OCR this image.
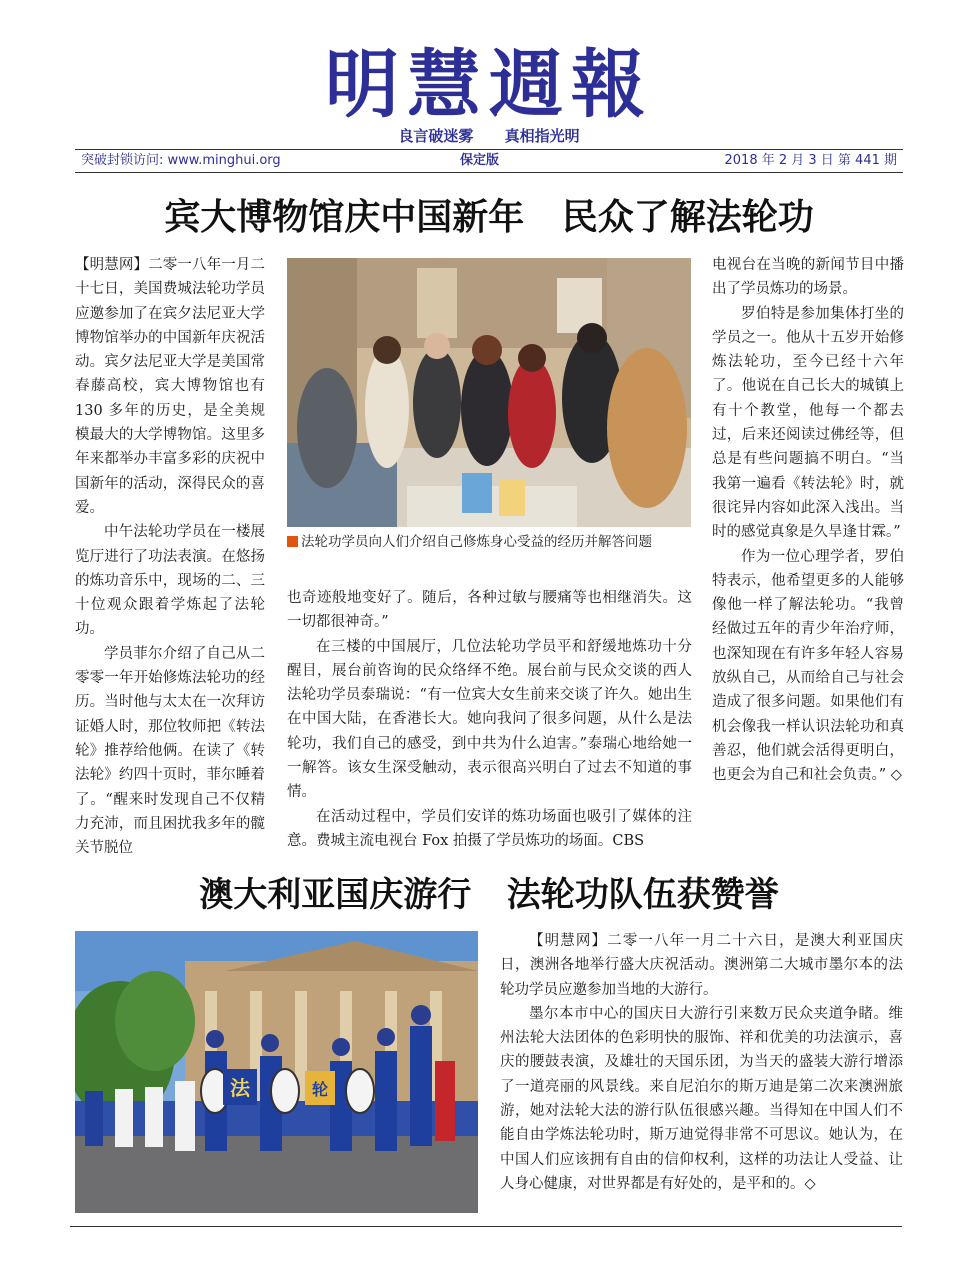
明慧週報
良言破迷雾      真相指光明
突破封锁访问: www.minghui.org	保定版	2018 年 2 月 3 日 第 441 期
宾大博物馆庆中国新年   民众了解法轮功

【明慧网】二零一八年一月二十七日，美国费城法轮功学员应邀参加了在宾夕法尼亚大学博物馆举办的中国新年庆祝活动。宾夕法尼亚大学是美国常春藤高校，宾大博物馆也有 130 多年的历史，是全美规模最大的大学博物馆。这里多年来都举办丰富多彩的庆祝中国新年的活动，深得民众的喜爱。

中午法轮功学员在一楼展览厅进行了功法表演。在悠扬的炼功音乐中，现场的二、三十位观众跟着学炼起了法轮功。

学员菲尔介绍了自己从二零零一年开始修炼法轮功的经历。当时他与太太在一次拜访证婚人时，那位牧师把《转法轮》推荐给他俩。在读了《转法轮》约四十页时，菲尔睡着了。“醒来时发现自己不仅精力充沛，而且困扰我多年的髋关节脱位

法轮功学员向人们介绍自己修炼身心受益的经历并解答问题

也奇迹般地变好了。随后，各种过敏与腰痛等也相继消失。这一切都很神奇。”

在三楼的中国展厅，几位法轮功学员平和舒缓地炼功十分醒目，展台前咨询的民众络绎不绝。展台前与民众交谈的西人法轮功学员泰瑞说：“有一位宾大女生前来交谈了许久。她出生在中国大陆，在香港长大。她向我问了很多问题，从什么是法轮功，我们自己的感受，到中共为什么迫害。”泰瑞心地给她一一解答。该女生深受触动，表示很高兴明白了过去不知道的事情。

在活动过程中，学员们安详的炼功场面也吸引了媒体的注意。费城主流电视台 Fox 拍摄了学员炼功的场面。CBS

电视台在当晚的新闻节目中播出了学员炼功的场景。

罗伯特是参加集体打坐的学员之一。他从十五岁开始修炼法轮功，至今已经十六年了。他说在自己长大的城镇上有十个教堂，他每一个都去过，后来还阅读过佛经等，但总是有些问题搞不明白。“当我第一遍看《转法轮》时，就很诧异内容如此深入浅出。当时的感觉真象是久旱逢甘霖。”

作为一位心理学者，罗伯特表示，他希望更多的人能够像他一样了解法轮功。“我曾经做过五年的青少年治疗师，也深知现在有许多年轻人容易放纵自己，从而给自己与社会造成了很多问题。如果他们有机会像我一样认识法轮功和真善忍，他们就会活得更明白，也更会为自己和社会负责。” ◇

澳大利亚国庆游行   法轮功队伍获赞誉
法	轮

【明慧网】二零一八年一月二十六日，是澳大利亚国庆日，澳洲各地举行盛大庆祝活动。澳洲第二大城市墨尔本的法轮功学员应邀参加当地的大游行。

墨尔本市中心的国庆日大游行引来数万民众夹道争睹。维州法轮大法团体的色彩明快的服饰、祥和优美的功法演示，喜庆的腰鼓表演，及雄壮的天国乐团，为当天的盛装大游行增添了一道亮丽的风景线。来自尼泊尔的斯万迪是第二次来澳洲旅游，她对法轮大法的游行队伍很感兴趣。当得知在中国人们不能自由学炼法轮功时，斯万迪觉得非常不可思议。她认为，在中国人们应该拥有自由的信仰权利，这样的功法让人受益、让人身心健康，对世界都是有好处的，是平和的。◇
